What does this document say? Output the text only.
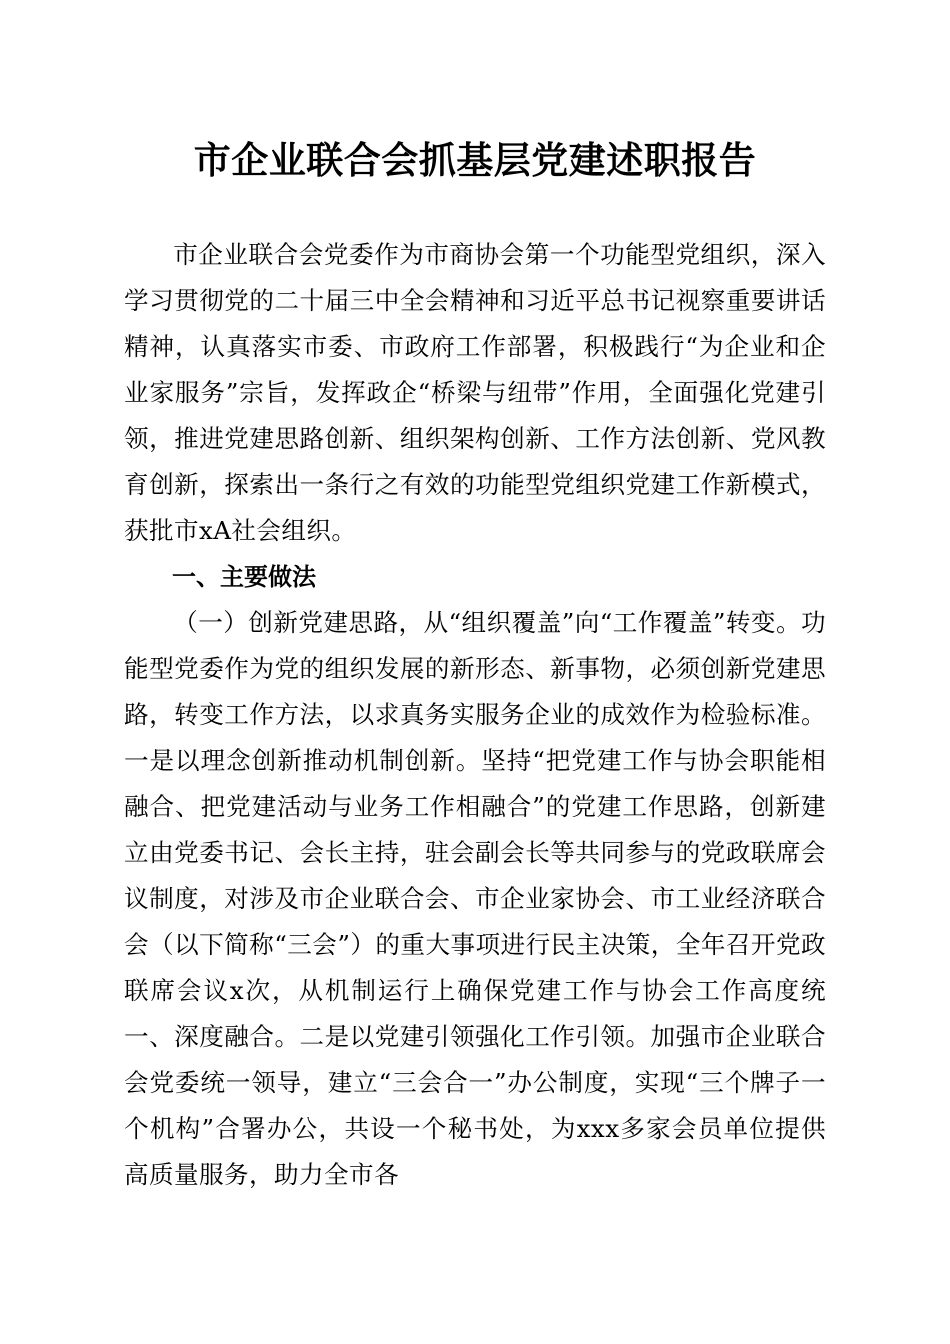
市企业联合会抓基层党建述职报告

市企业联合会党委作为市商协会第一个功能型党组织，深入学习贯彻党的二十届三中全会精神和习近平总书记视察重要讲话精神，认真落实市委、市政府工作部署，积极践行“为企业和企业家服务”宗旨，发挥政企“桥梁与纽带”作用，全面强化党建引领，推进党建思路创新、组织架构创新、工作方法创新、党风教育创新，探索出一条行之有效的功能型党组织党建工作新模式，获批市xA社会组织。

一、主要做法

（一）创新党建思路，从“组织覆盖”向“工作覆盖”转变。功能型党委作为党的组织发展的新形态、新事物，必须创新党建思路，转变工作方法，以求真务实服务企业的成效作为检验标准。一是以理念创新推动机制创新。坚持“把党建工作与协会职能相融合、把党建活动与业务工作相融合”的党建工作思路，创新建立由党委书记、会长主持，驻会副会长等共同参与的党政联席会议制度，对涉及市企业联合会、市企业家协会、市工业经济联合会（以下简称“三会”）的重大事项进行民主决策，全年召开党政联席会议x次，从机制运行上确保党建工作与协会工作高度统一、深度融合。二是以党建引领强化工作引领。加强市企业联合会党委统一领导，建立“三会合一”办公制度，实现“三个牌子一个机构”合署办公，共设一个秘书处，为xxx多家会员单位提供高质量服务，助力全市各
